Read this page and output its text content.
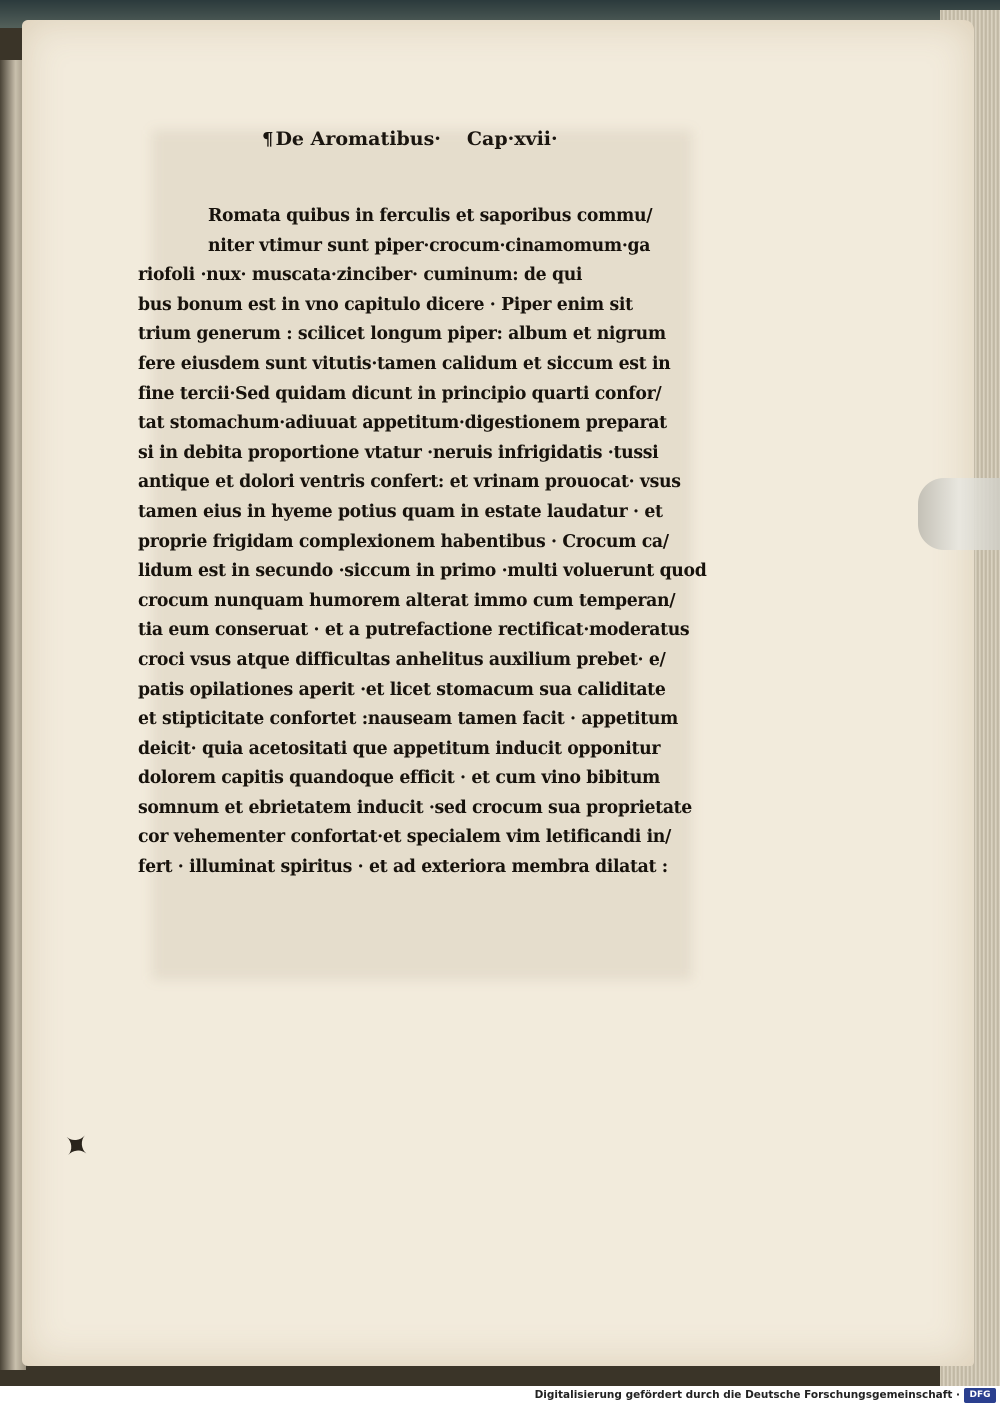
✦
¶ De Aromatibus· Cap·xvii·
Romata quibus in ferculis et saporibus commu/
niter vtimur sunt piper·crocum·cinamomum·ga
riofoli ·nux· muscata·zinciber· cuminum: de qui
bus bonum est in vno capitulo dicere · Piper enim sit
trium generum : scilicet longum piper: album et nigrum
fere eiusdem sunt vitutis·tamen calidum et siccum est in
fine tercii·Sed quidam dicunt in principio quarti confor/
tat stomachum·adiuuat appetitum·digestionem preparat
si in debita proportione vtatur ·neruis infrigidatis ·tussi
antique et dolori ventris confert: et vrinam prouocat· vsus
tamen eius in hyeme potius quam in estate laudatur · et
proprie frigidam complexionem habentibus · Crocum ca/
lidum est in secundo ·siccum in primo ·multi voluerunt quod
crocum nunquam humorem alterat immo cum temperan/
tia eum conseruat · et a putrefactione rectificat·moderatus
croci vsus atque difficultas anhelitus auxilium prebet· e/
patis opilationes aperit ·et licet stomacum sua caliditate
et stipticitate confortet :nauseam tamen facit · appetitum
deicit· quia acetositati que appetitum inducit opponitur
dolorem capitis quandoque efficit · et cum vino bibitum
somnum et ebrietatem inducit ·sed crocum sua proprietate
cor vehementer confortat·et specialem vim letificandi in/
fert · illuminat spiritus · et ad exteriora membra dilatat :
Digitalisierung gefördert durch die Deutsche Forschungsgemeinschaft ·	DFG
